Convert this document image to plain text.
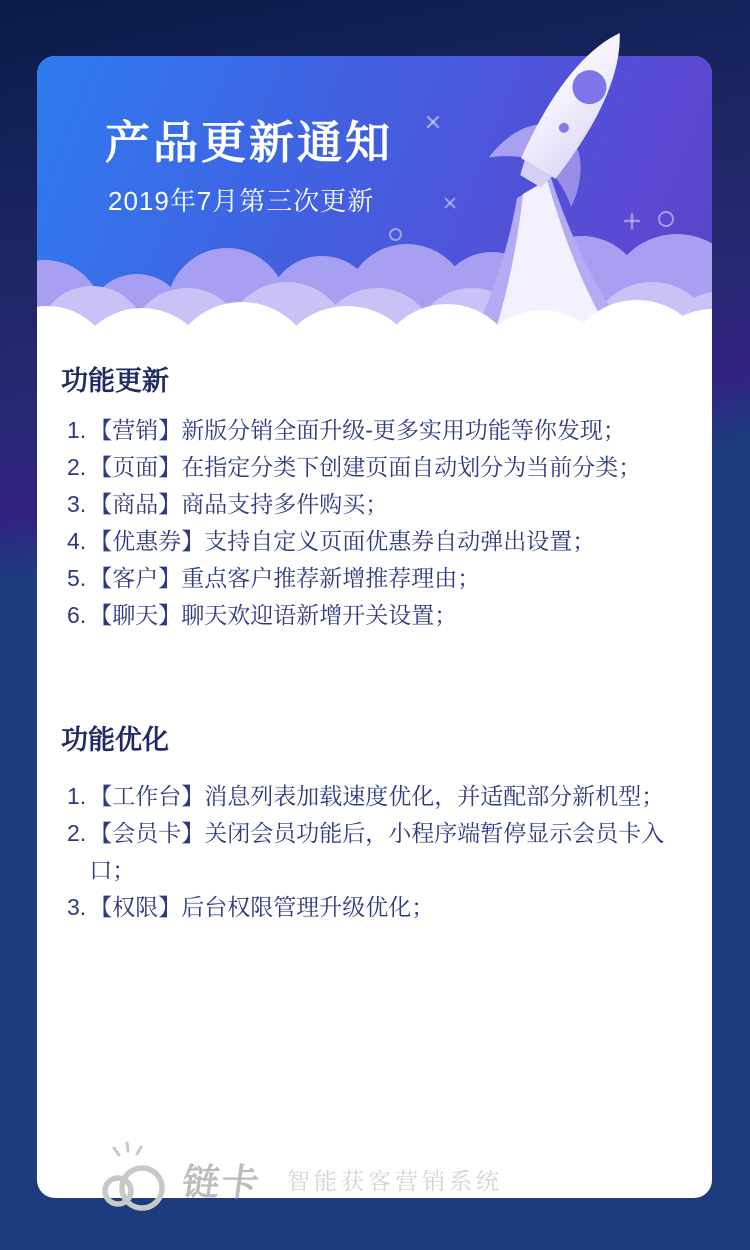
产品更新通知
2019年7月第三次更新
功能更新
1. 【营销】新版分销全面升级-更多实用功能等你发现；
2. 【页面】在指定分类下创建页面自动划分为当前分类；
3. 【商品】商品支持多件购买；
4. 【优惠券】支持自定义页面优惠券自动弹出设置；
5. 【客户】重点客户推荐新增推荐理由；
6. 【聊天】聊天欢迎语新增开关设置；
功能优化
1. 【工作台】消息列表加载速度优化，并适配部分新机型；
2. 【会员卡】关闭会员功能后，小程序端暂停显示会员卡入口；
3. 【权限】后台权限管理升级优化；
链卡 智能获客营销系统
